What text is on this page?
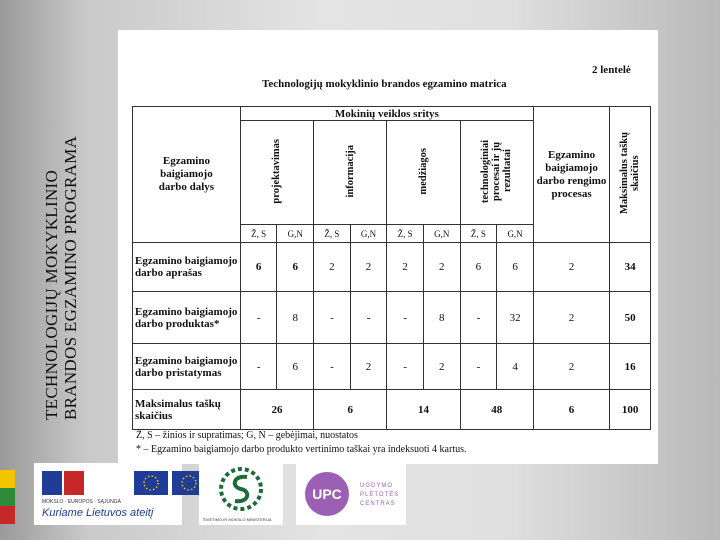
TECHNOLOGIJŲ MOKYKLINIO BRANDOS EGZAMINO PROGRAMA
2 lentelė
Technologijų mokyklinio brandos egzamino matrica
Egzamino baigiamojo darbo dalys	Mokinių veiklos sritys								Egzamino baigiamojo darbo rengimo procesas	Maksimalus taškų skaičius
	projektavimas		informacija		medžiagos		technologiniai procesai ir jų rezultatai			
	Ž, S	G,N	Ž, S	G,N	Ž, S	G,N	Ž, S	G,N		
Egzamino baigiamojo darbo aprašas	6	6	2	2	2	2	6	6	2	34
Egzamino baigiamojo darbo produktas*	-	8	-	-	-	8	-	32	2	50
Egzamino baigiamojo darbo pristatymas	-	6	-	2	-	2	-	4	2	16
Maksimalus taškų skaičius	26		6		14		48		6	100
Ž, S – žinios ir supratimas; G, N – gebėjimai, nuostatos
* – Egzamino baigiamojo darbo produkto vertinimo taškai yra indeksuoti 4 kartus.
MOKSLO · EUROPOS · SĄJUNGA
Kuriame Lietuvos ateitį
ŠVIETIMO IR MOKSLO MINISTERIJA
UPC	UGDYMO
PLĖTOTĖS
CENTRAS
